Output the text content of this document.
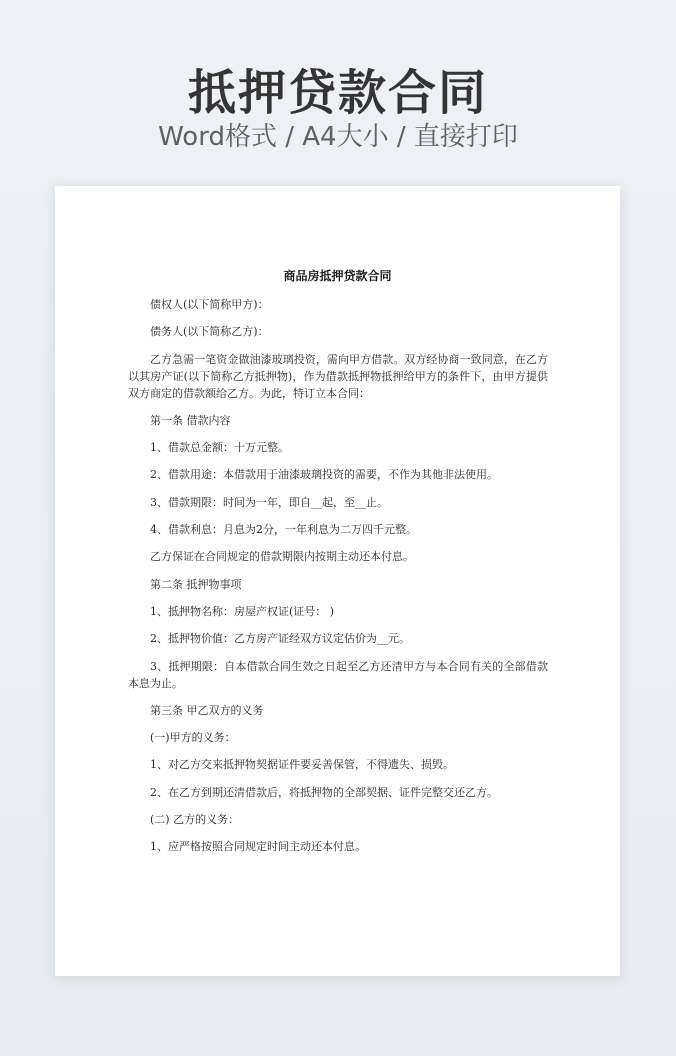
抵押贷款合同
Word格式 / A4大小 / 直接打印
商品房抵押贷款合同

债权人(以下简称甲方)：

债务人(以下简称乙方)：

乙方急需一笔资金做油漆玻璃投资，需向甲方借款。双方经协商一致同意，在乙方以其房产证(以下简称乙方抵押物)，作为借款抵押物抵押给甲方的条件下，由甲方提供双方商定的借款额给乙方。为此，特订立本合同：

第一条 借款内容

1、借款总金额：十万元整。

2、借款用途：本借款用于油漆玻璃投资的需要，不作为其他非法使用。

3、借款期限：时间为一年，即自__起，至__止。

4、借款利息：月息为2分，一年利息为二万四千元整。

乙方保证在合同规定的借款期限内按期主动还本付息。

第二条 抵押物事项

1、抵押物名称：房屋产权证(证号： )

2、抵押物价值：乙方房产证经双方议定估价为__元。

3、抵押期限：自本借款合同生效之日起至乙方还清甲方与本合同有关的全部借款本息为止。

第三条 甲乙双方的义务

(一)甲方的义务：

1、对乙方交来抵押物契据证件要妥善保管，不得遗失、损毁。

2、在乙方到期还清借款后，将抵押物的全部契据、证件完整交还乙方。

(二) 乙方的义务：

1、应严格按照合同规定时间主动还本付息。
